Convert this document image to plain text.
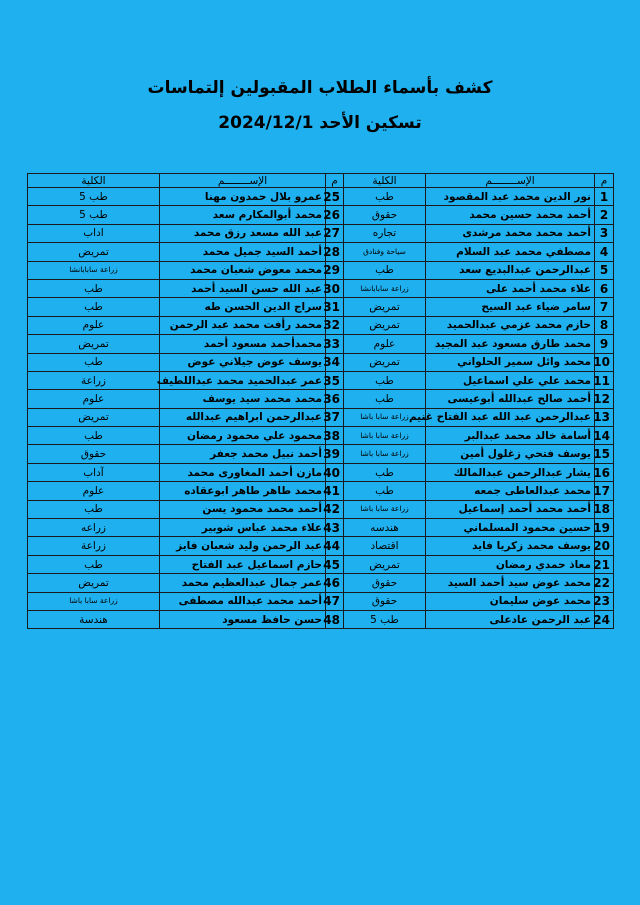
كشف بأسماء الطلاب المقبولين إلتماسات
تسكين الأحد 2024/12/1
م	الإســــــــم	الكلية	م	الإســــــــم	الكلية
1	نور الدين محمد عبد المقصود	طب	25	عمرو بلال حمدون مهنا	طب 5
2	أحمد محمد حسين محمد	حقوق	26	محمد أبوالمكارم سعد	طب 5
3	أحمد محمد محمد مرشدى	تجاره	27	عبد الله مسعد رزق محمد	اداب
4	مصطفي محمد عبد السلام	سياحة وفنادق	28	أحمد السيد جميل محمد	تمريض
5	عبدالرحمن عبدالبديع سعد	طب	29	محمد معوض شعبان محمد	زراعة سابابانشا
6	علاء محمد أحمد على	زراعة سابابانشا	30	عبد الله حسن السيد أحمد	طب
7	سامر ضياء عبد السيح	تمريض	31	سراج الدين الحسن طه	طب
8	حازم محمد عزمي عبدالحميد	تمريض	32	محمد رأفت محمد عبد الرحمن	علوم
9	محمد طارق مسعود عبد المجيد	علوم	33	محمدأحمد مسعود أحمد	تمريض
10	محمد وائل سمير الحلواني	تمريض	34	يوسف عوض جيلاني عوض	طب
11	محمد علي علي اسماعيل	طب	35	عمر عبدالحميد محمد عبداللطيف	زراعة
12	أحمد صالح عبدالله أبوعيسى	طب	36	محمد محمد سيد يوسف	علوم
13	عبدالرحمن عبد الله عبد الفتاح غنيم	زراعة سابا باشا	37	عبدالرحمن ابراهيم عبدالله	تمريض
14	أسامة خالد محمد عبدالبر	زراعة سابا باشا	38	محمود علي محمود رمضان	طب
15	يوسف فتحي زغلول أمين	زراعة سابا باشا	39	أحمد نبيل محمد جعفر	حقوق
16	يشار عبدالرحمن عبدالمالك	طب	40	مازن أحمد المغاورى محمد	آداب
17	محمد عبدالعاطى جمعه	طب	41	محمد طاهر طاهر ابوعقاده	علوم
18	أحمد محمد أحمد إسماعيل	زراعة سابا باشا	42	أحمد محمد محمود يسن	طب
19	حسين محمود المسلماني	هندسه	43	علاء محمد عباس شوبير	زراعه
20	يوسف محمد زكريا فايد	اقتصاد	44	عبد الرحمن وليد شعبان فايز	زراعة
21	معاذ حمدي رمضان	تمريض	45	حازم اسماعيل عبد الفتاح	طب
22	محمد عوض سيد أحمد السيد	حقوق	46	عمر جمال عبدالعظيم محمد	تمريض
23	محمد عوض سليمان	حقوق	47	أحمد محمد عبدالله مصطفى	زراعة سابا باشا
24	عبد الرحمن عادعلى	طب 5	48	حسن حافظ مسعود	هندسة
